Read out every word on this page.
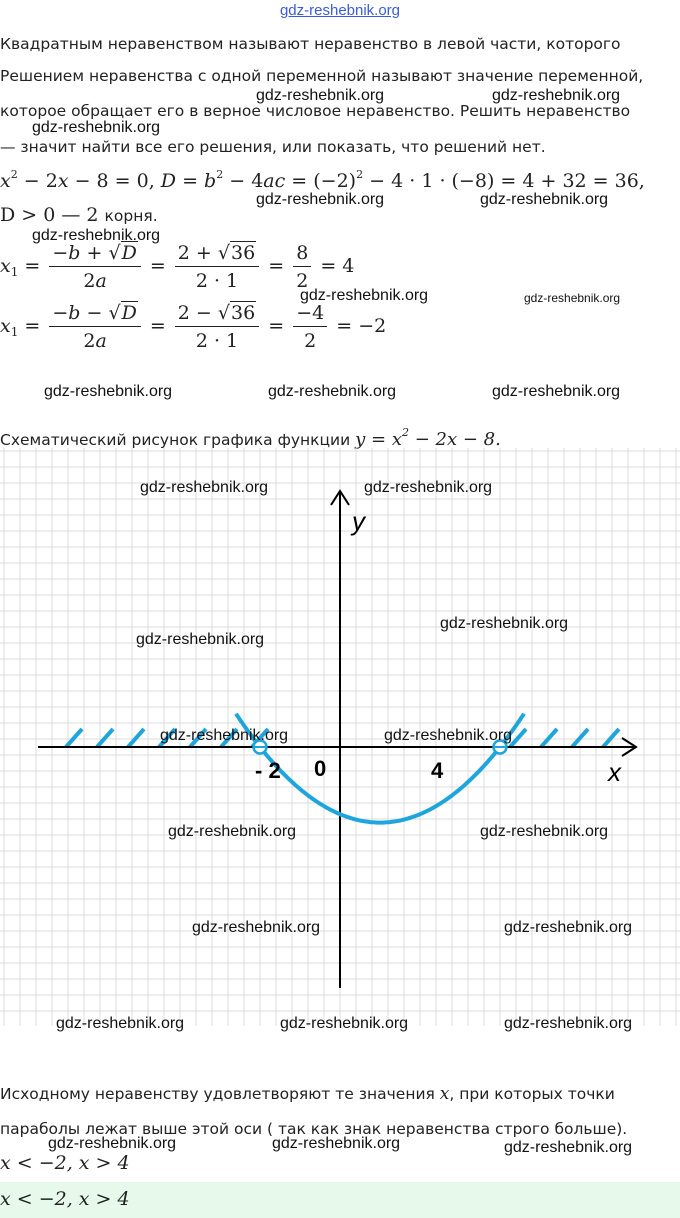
gdz-reshebnik.org

Квадратным неравенством называют неравенство в левой части, которого

Решением неравенства с одной переменной называют значение переменной,

которое обращает его в верное числовое неравенство. Решить неравенство

— значит найти все его решения, или показать, что решений нет.

$x^2 - 2x - 8 = 0$, $D = b^2 - 4ac = (-2)^2 - 4 \cdot 1 \cdot (-8) = 4 + 32 = 36$,
D > 0 — 2 корня.
$x_1 = \frac{-b + √D}{2a} = \frac{2 + √36}{2 \cdot 1} = \frac{8}{2} = 4$
$x_1 = \frac{-b - √D}{2a} = \frac{2 - √36}{2 \cdot 1} = \frac{-4}{2} = -2$
Схематический рисунок графика функции $y = x^2 - 2x - 8$.
y
x
0
- 2	4
Исходному неравенству удовлетворяют те значения x, при которых точки

параболы лежат выше этой оси ( так как знак неравенства строго больше).

x < −2, x > 4
x < −2, x > 4
gdz-reshebnik.org	gdz-reshebnik.org
gdz-reshebnik.org
gdz-reshebnik.org	gdz-reshebnik.org
gdz-reshebnik.org
gdz-reshebnik.org	gdz-reshebnik.org
gdz-reshebnik.org	gdz-reshebnik.org	gdz-reshebnik.org
gdz-reshebnik.org	gdz-reshebnik.org
gdz-reshebnik.org
gdz-reshebnik.org
gdz-reshebnik.org	gdz-reshebnik.org
gdz-reshebnik.org	gdz-reshebnik.org
gdz-reshebnik.org	gdz-reshebnik.org
gdz-reshebnik.org	gdz-reshebnik.org	gdz-reshebnik.org
gdz-reshebnik.org	gdz-reshebnik.org	gdz-reshebnik.org
